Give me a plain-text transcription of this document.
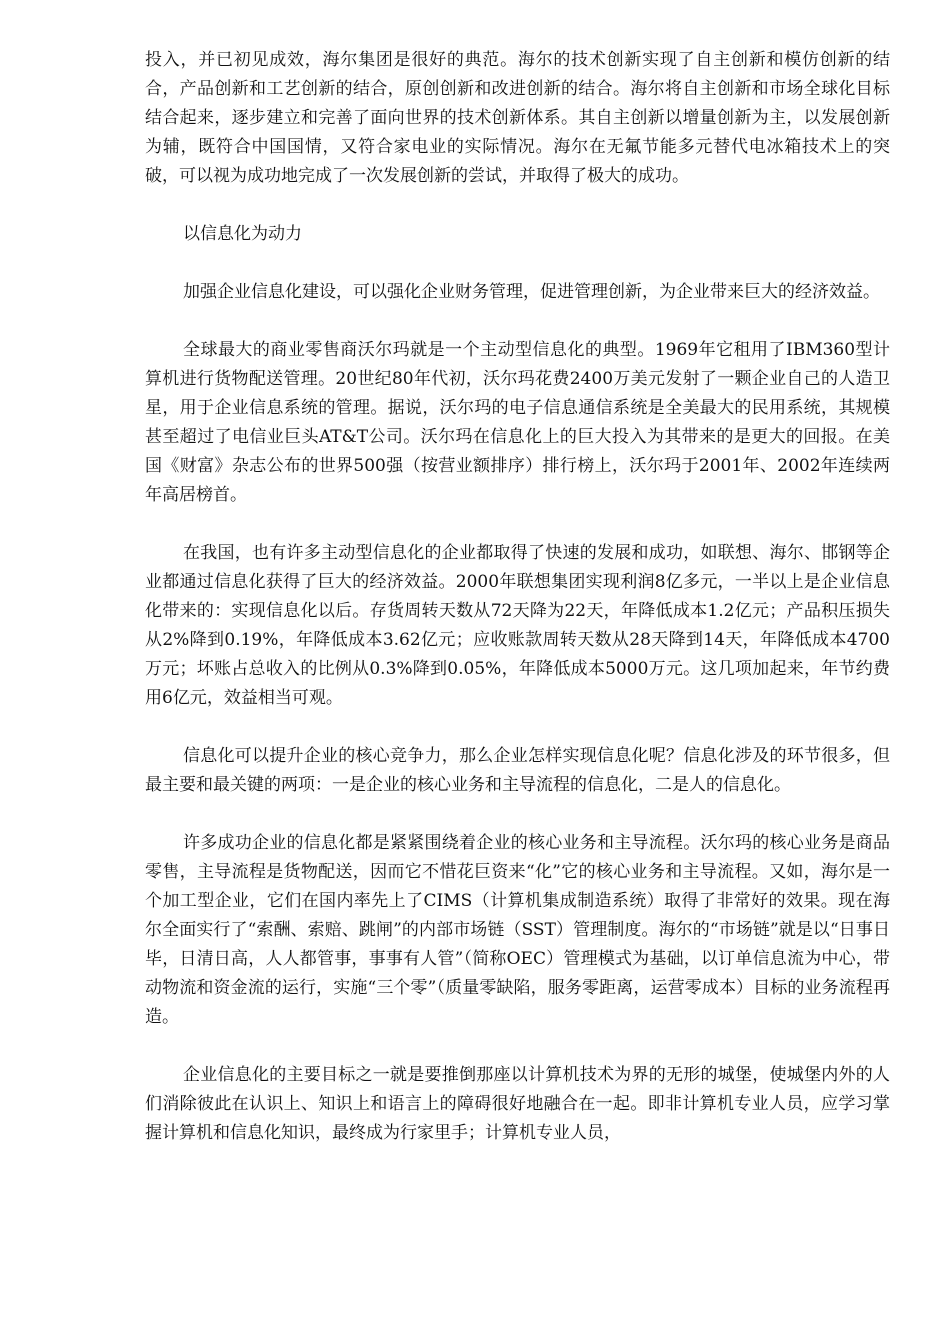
投入，并已初见成效，海尔集团是很好的典范。海尔的技术创新实现了自主创新和模仿创新的结合，产品创新和工艺创新的结合，原创创新和改进创新的结合。海尔将自主创新和市场全球化目标结合起来，逐步建立和完善了面向世界的技术创新体系。其自主创新以增量创新为主，以发展创新为辅，既符合中国国情，又符合家电业的实际情况。海尔在无氟节能多元替代电冰箱技术上的突破，可以视为成功地完成了一次发展创新的尝试，并取得了极大的成功。

以信息化为动力

加强企业信息化建设，可以强化企业财务管理，促进管理创新，为企业带来巨大的经济效益。

全球最大的商业零售商沃尔玛就是一个主动型信息化的典型。1969年它租用了IBM360型计算机进行货物配送管理。20世纪80年代初，沃尔玛花费2400万美元发射了一颗企业自己的人造卫星，用于企业信息系统的管理。据说，沃尔玛的电子信息通信系统是全美最大的民用系统，其规模甚至超过了电信业巨头AT&T公司。沃尔玛在信息化上的巨大投入为其带来的是更大的回报。在美国《财富》杂志公布的世界500强（按营业额排序）排行榜上，沃尔玛于2001年、2002年连续两年高居榜首。

在我国，也有许多主动型信息化的企业都取得了快速的发展和成功，如联想、海尔、邯钢等企业都通过信息化获得了巨大的经济效益。2000年联想集团实现利润8亿多元，一半以上是企业信息化带来的：实现信息化以后。存货周转天数从72天降为22天，年降低成本1.2亿元；产品积压损失从2%降到0.19%，年降低成本3.62亿元；应收账款周转天数从28天降到14天，年降低成本4700万元；坏账占总收入的比例从0.3%降到0.05%，年降低成本5000万元。这几项加起来，年节约费用6亿元，效益相当可观。

信息化可以提升企业的核心竞争力，那么企业怎样实现信息化呢？信息化涉及的环节很多，但最主要和最关键的两项：一是企业的核心业务和主导流程的信息化，二是人的信息化。

许多成功企业的信息化都是紧紧围绕着企业的核心业务和主导流程。沃尔玛的核心业务是商品零售，主导流程是货物配送，因而它不惜花巨资来“化”它的核心业务和主导流程。又如，海尔是一个加工型企业，它们在国内率先上了CIMS（计算机集成制造系统）取得了非常好的效果。现在海尔全面实行了“索酬、索赔、跳闸”的内部市场链（SST）管理制度。海尔的“市场链”就是以“日事日毕，日清日高，人人都管事，事事有人管”（简称OEC）管理模式为基础，以订单信息流为中心，带动物流和资金流的运行，实施“三个零”（质量零缺陷，服务零距离，运营零成本）目标的业务流程再造。

企业信息化的主要目标之一就是要推倒那座以计算机技术为界的无形的城堡，使城堡内外的人们消除彼此在认识上、知识上和语言上的障碍很好地融合在一起。即非计算机专业人员，应学习掌握计算机和信息化知识，最终成为行家里手；计算机专业人员，
